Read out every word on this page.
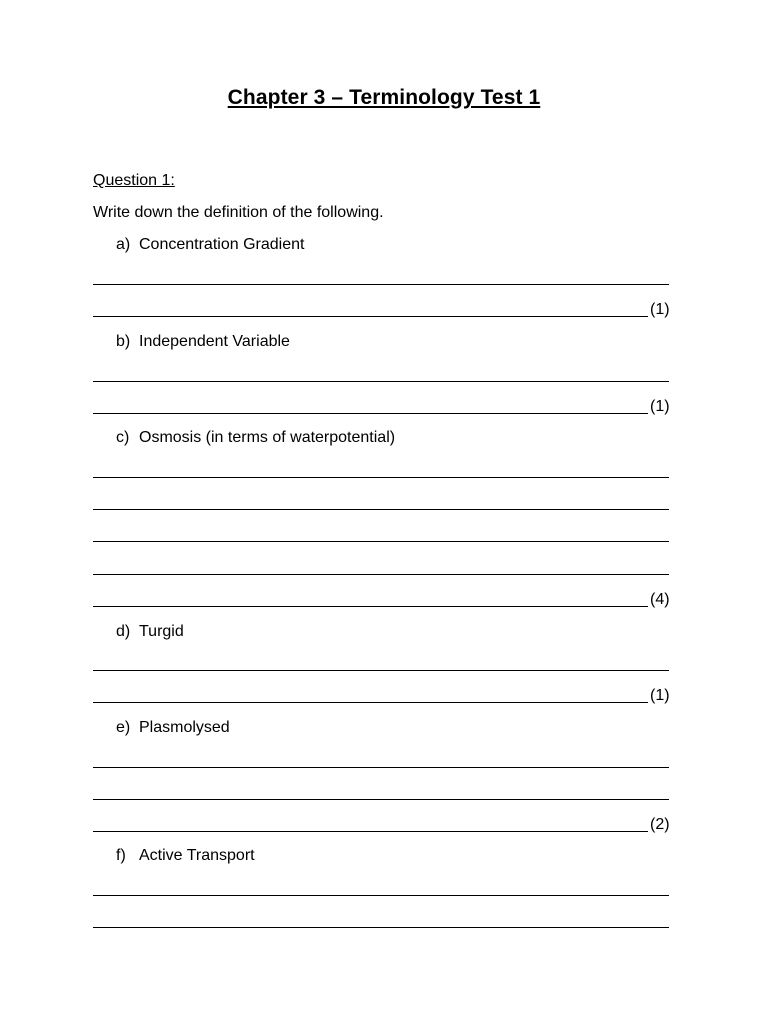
Chapter 3 – Terminology Test 1
Question 1:
Write down the definition of the following.
a) Concentration Gradient
(1)
b) Independent Variable
(1)
c) Osmosis (in terms of waterpotential)
(4)
d) Turgid
(1)
e) Plasmolysed
(2)
f) Active Transport
